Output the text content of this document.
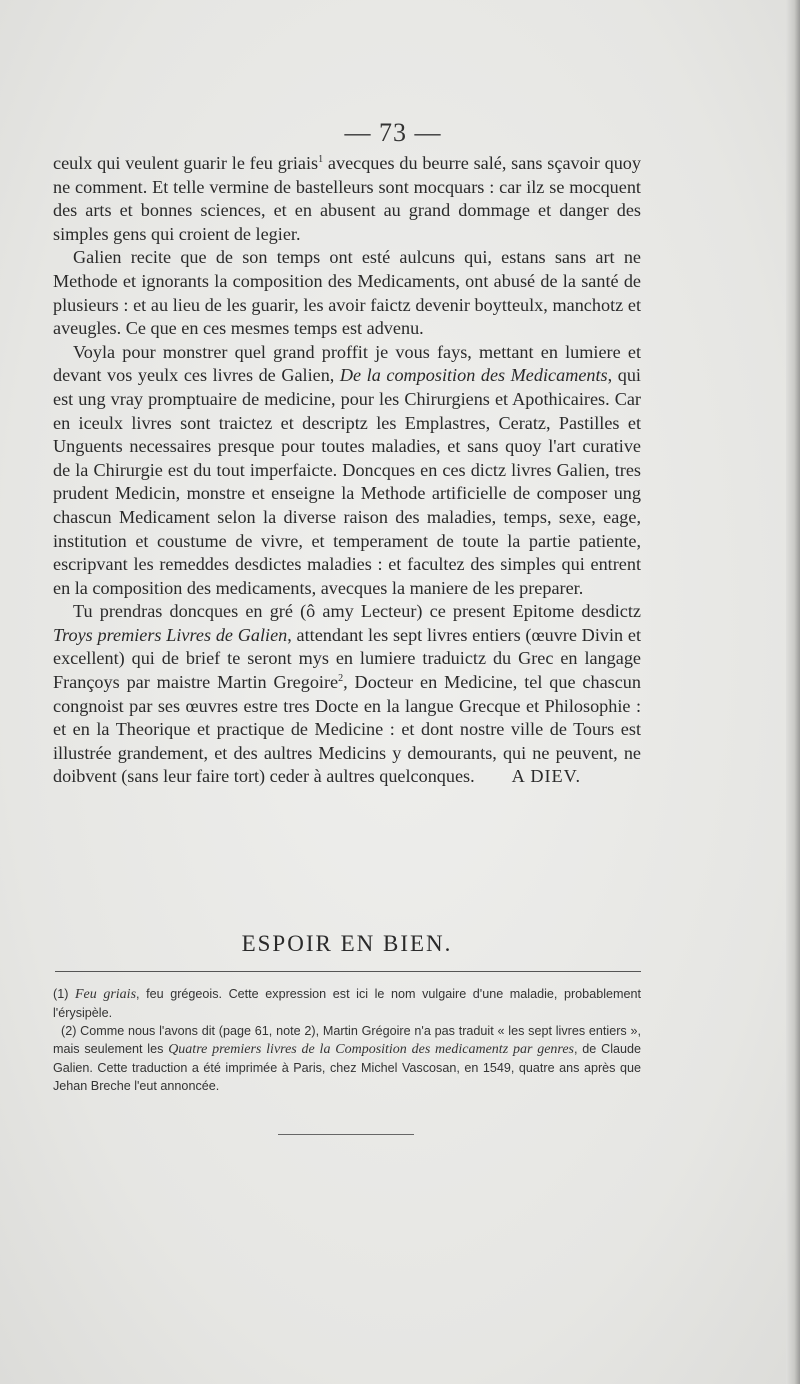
— 73 —

ceulx qui veulent guarir le feu griais$^1$ avecques du beurre salé, sans sçavoir quoy ne comment. Et telle vermine de bastelleurs sont mocquars : car ilz se mocquent des arts et bonnes sciences, et en abusent au grand dommage et danger des simples gens qui croient de legier.

Galien recite que de son temps ont esté aulcuns qui, estans sans art ne Methode et ignorants la composition des Medicaments, ont abusé de la santé de plusieurs : et au lieu de les guarir, les avoir faictz devenir boytteulx, manchotz et aveugles. Ce que en ces mesmes temps est advenu.

Voyla pour monstrer quel grand proffit je vous fays, mettant en lumiere et devant vos yeulx ces livres de Galien, De la composition des Medicaments, qui est ung vray promptuaire de medicine, pour les Chirurgiens et Apothicaires. Car en iceulx livres sont traictez et descriptz les Emplastres, Ceratz, Pastilles et Unguents necessaires presque pour toutes maladies, et sans quoy l'art curative de la Chirurgie est du tout imperfaicte. Doncques en ces dictz livres Galien, tres prudent Medicin, monstre et enseigne la Methode artificielle de composer ung chascun Medicament selon la diverse raison des maladies, temps, sexe, eage, institution et coustume de vivre, et temperament de toute la partie patiente, escripvant les remeddes desdictes maladies : et facultez des simples qui entrent en la composition des medicaments, avecques la maniere de les preparer.

Tu prendras doncques en gré (ô amy Lecteur) ce present Epitome desdictz Troys premiers Livres de Galien, attendant les sept livres entiers (œuvre Divin et excellent) qui de brief te seront mys en lumiere traduictz du Grec en langage Françoys par maistre Martin Gregoire$^2$, Docteur en Medicine, tel que chascun congnoist par ses œuvres estre tres Docte en la langue Grecque et Philosophie : et en la Theorique et practique de Medicine : et dont nostre ville de Tours est illustrée grandement, et des aultres Medicins y demourants, qui ne peuvent, ne doibvent (sans leur faire tort) ceder à aultres quelconques.	A DIEV.

ESPOIR EN BIEN.

(1) Feu griais, feu grégeois. Cette expression est ici le nom vulgaire d'une maladie, probablement l'érysipèle.

(2) Comme nous l'avons dit (page 61, note 2), Martin Grégoire n'a pas traduit « les sept livres entiers », mais seulement les Quatre premiers livres de la Composition des medicamentz par genres, de Claude Galien. Cette traduction a été imprimée à Paris, chez Michel Vascosan, en 1549, quatre ans après que Jehan Breche l'eut annoncée.
